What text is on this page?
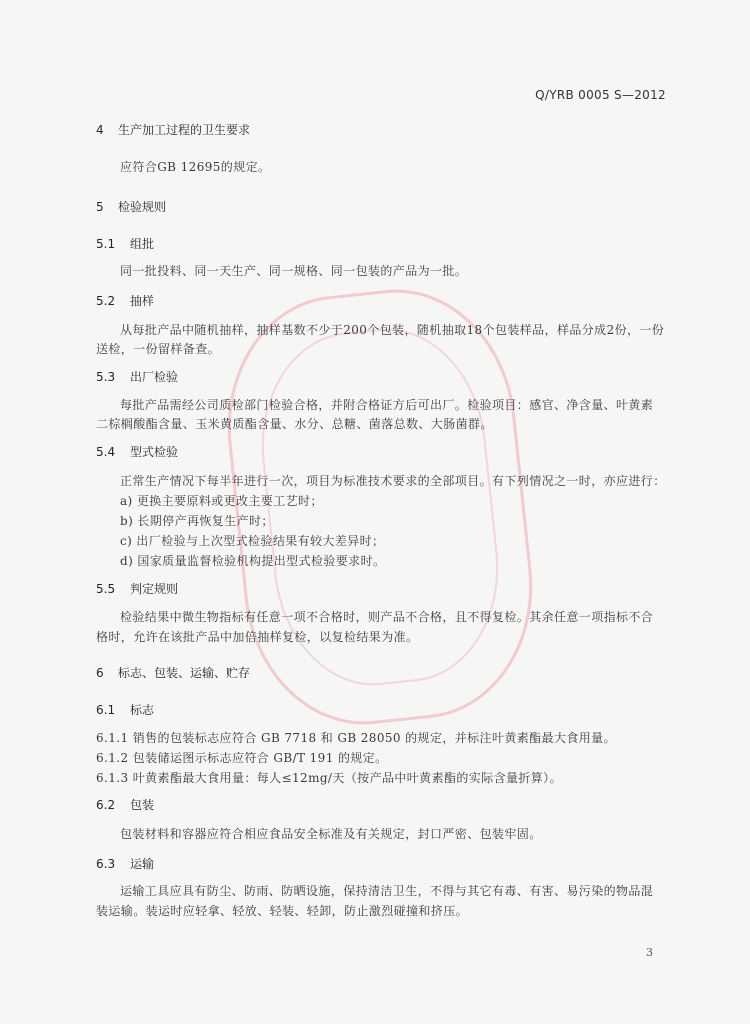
Q/YRB 0005 S—2012
4 生产加工过程的卫生要求
应符合GB 12695的规定。
5 检验规则
5.1 组批
同一批投料、同一天生产、同一规格、同一包装的产品为一批。
5.2 抽样
从每批产品中随机抽样，抽样基数不少于200个包装，随机抽取18个包装样品，样品分成2份，一份
送检，一份留样备查。
5.3 出厂检验
每批产品需经公司质检部门检验合格，并附合格证方后可出厂。检验项目：感官、净含量、叶黄素
二棕榈酸酯含量、玉米黄质酯含量、水分、总糖、菌落总数、大肠菌群。
5.4 型式检验
正常生产情况下每半年进行一次，项目为标准技术要求的全部项目。有下列情况之一时，亦应进行：
a) 更换主要原料或更改主要工艺时；
b) 长期停产再恢复生产时；
c) 出厂检验与上次型式检验结果有较大差异时；
d) 国家质量监督检验机构提出型式检验要求时。
5.5 判定规则
检验结果中微生物指标有任意一项不合格时，则产品不合格，且不得复检。其余任意一项指标不合
格时，允许在该批产品中加倍抽样复检，以复检结果为准。
6 标志、包装、运输、贮存
6.1 标志
6.1.1 销售的包装标志应符合 GB 7718 和 GB 28050 的规定，并标注叶黄素酯最大食用量。
6.1.2 包装储运图示标志应符合 GB/T 191 的规定。
6.1.3 叶黄素酯最大食用量：每人≤12mg/天（按产品中叶黄素酯的实际含量折算）。
6.2 包装
包装材料和容器应符合相应食品安全标准及有关规定，封口严密、包装牢固。
6.3 运输
运输工具应具有防尘、防雨、防晒设施，保持清洁卫生，不得与其它有毒、有害、易污染的物品混
装运输。装运时应轻拿、轻放、轻装、轻卸，防止激烈碰撞和挤压。
3
